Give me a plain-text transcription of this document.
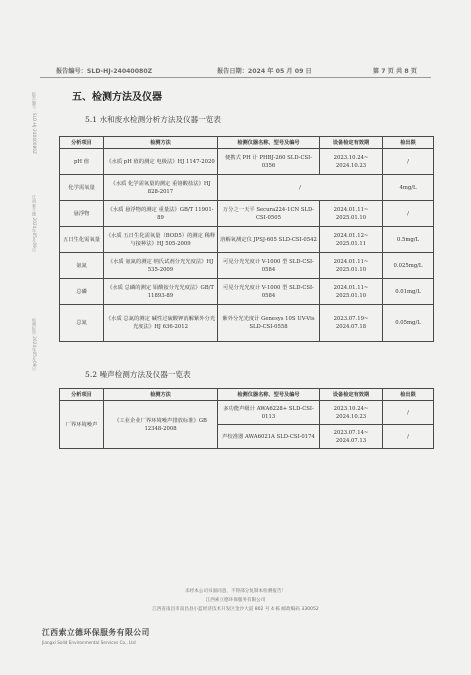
报告编号：SLD-HJ-24040080Z	报告日期：2024 年 05 月 09 日	第 7 页 共 8 页
报告编号：SLD-HJ-24040080Z
江西索立德 2024年05月09日
检测报告 2024年05月09日
五、检测方法及仪器
5.1 水和废水检测分析方法及仪器一览表
分析项目	检测方法	检测仪器名称、型号及编号	设备检定有效期	检出限
pH 值	《水质 pH 值的测定 电极法》HJ 1147-2020	便携式 PH 计 PHBJ-260 SLD-CSI-0356	2023.10.24~ 2024.10.23	/
化学需氧量	《水质 化学需氧量的测定 重铬酸盐法》HJ 828-2017	/		4mg/L
悬浮物	《水质 悬浮物的测定 重量法》GB/T 11901-89	万分之一天平 Secura224-1CN SLD-CSI-0505	2024.01.11~ 2025.01.10	/
五日生化需氧量	《水质 五日生化需氧量（BOD5）的测定 稀释与接种法》HJ 505-2009	溶解氧测定仪 JPSJ-605 SLD-CSI-0542	2024.01.12~ 2025.01.11	0.5mg/L
氨氮	《水质 氨氮的测定 纳氏试剂分光光度法》HJ 535-2009	可见分光光度计 V-1000 型 SLD-CSI-0584	2024.01.11~ 2025.01.10	0.025mg/L
总磷	《水质 总磷的测定 钼酸铵分光光度法》GB/T 11893-89	可见分光光度计 V-1000 型 SLD-CSI-0584	2024.01.11~ 2025.01.10	0.01mg/L
总氮	《水质 总氮的测定 碱性过硫酸钾消解紫外分光光度法》HJ 636-2012	紫外分光光度计 Genesys 10S UV-Vis SLD-CSI-0558	2023.07.19~ 2024.07.18	0.05mg/L
5.2 噪声检测方法及仪器一览表
分析项目	检测方法	检测仪器名称、型号及编号	设备检定有效期	检出限
厂界环境噪声	《工业企业厂界环境噪声排放标准》GB 12348-2008	多功能声级计 AWA6228+ SLD-CSI-0113	2023.10.24~ 2024.10.23	/
		声校准器 AWA6021A SLD-CSI-0174	2023.07.14~ 2024.07.13	/
未经本公司书面同意，不得部分复制本检测报告！
江西索立德环保服务有限公司
江西省南昌市南昌县小蓝经济技术开发区金沙大道 802 号 4 栋 邮政编码 330052
江西索立德环保服务有限公司
Jiangxi Solid Environmental Services Co., Ltd
